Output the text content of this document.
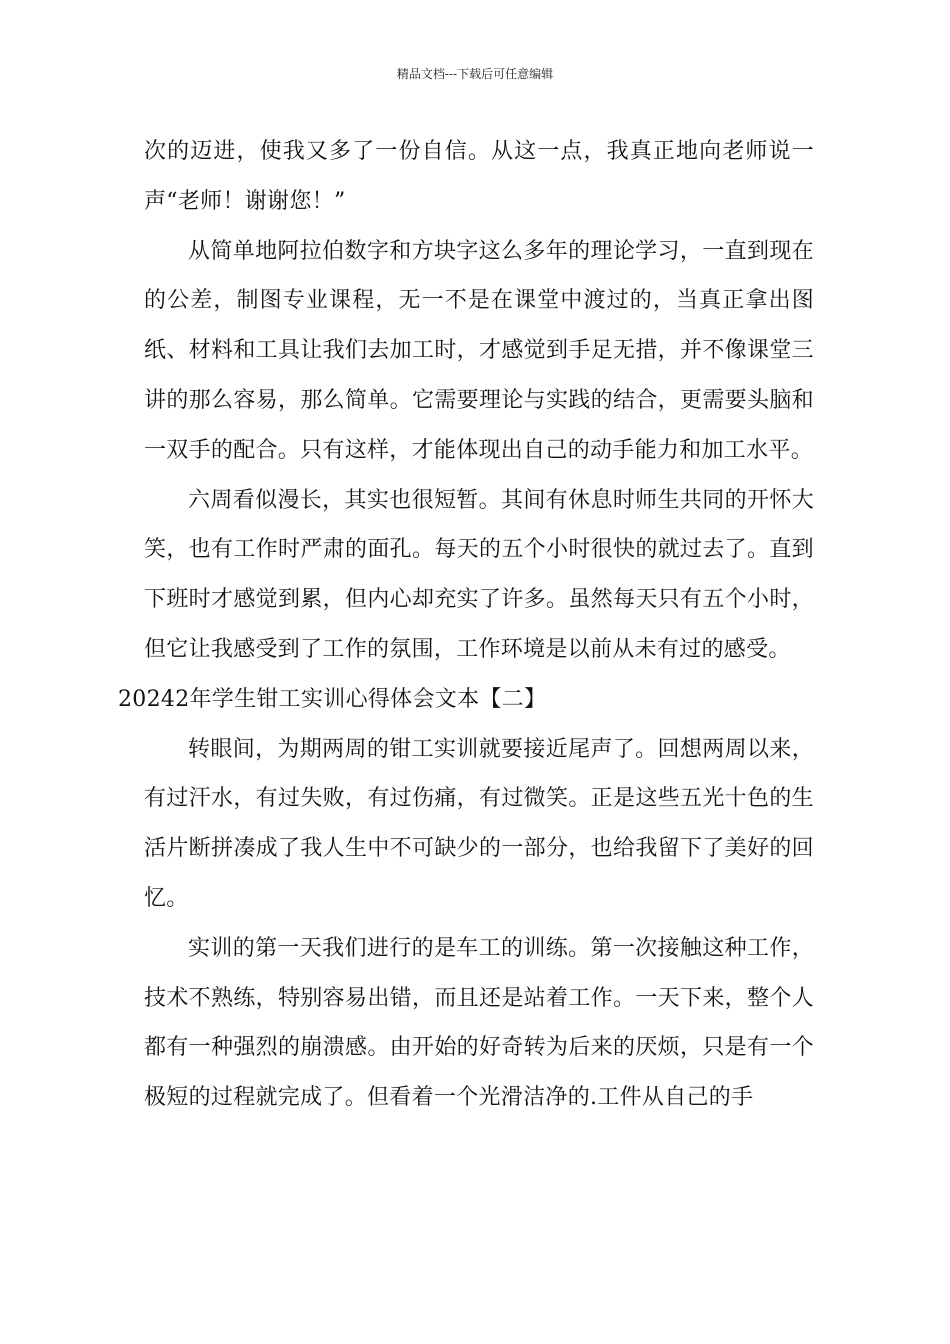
精品文档---下载后可任意编辑

次的迈进，使我又多了一份自信。从这一点，我真正地向老师说一声“老师！谢谢您！”

从简单地阿拉伯数字和方块字这么多年的理论学习，一直到现在的公差，制图专业课程，无一不是在课堂中渡过的，当真正拿出图纸、材料和工具让我们去加工时，才感觉到手足无措，并不像课堂三讲的那么容易，那么简单。它需要理论与实践的结合，更需要头脑和一双手的配合。只有这样，才能体现出自己的动手能力和加工水平。

六周看似漫长，其实也很短暂。其间有休息时师生共同的开怀大笑，也有工作时严肃的面孔。每天的五个小时很快的就过去了。直到下班时才感觉到累，但内心却充实了许多。虽然每天只有五个小时，但它让我感受到了工作的氛围，工作环境是以前从未有过的感受。

20242年学生钳工实训心得体会文本【二】

转眼间，为期两周的钳工实训就要接近尾声了。回想两周以来，有过汗水，有过失败，有过伤痛，有过微笑。正是这些五光十色的生活片断拼凑成了我人生中不可缺少的一部分，也给我留下了美好的回忆。

实训的第一天我们进行的是车工的训练。第一次接触这种工作，技术不熟练，特别容易出错，而且还是站着工作。一天下来，整个人都有一种强烈的崩溃感。由开始的好奇转为后来的厌烦，只是有一个极短的过程就完成了。但看着一个光滑洁净的.工件从自己的手
